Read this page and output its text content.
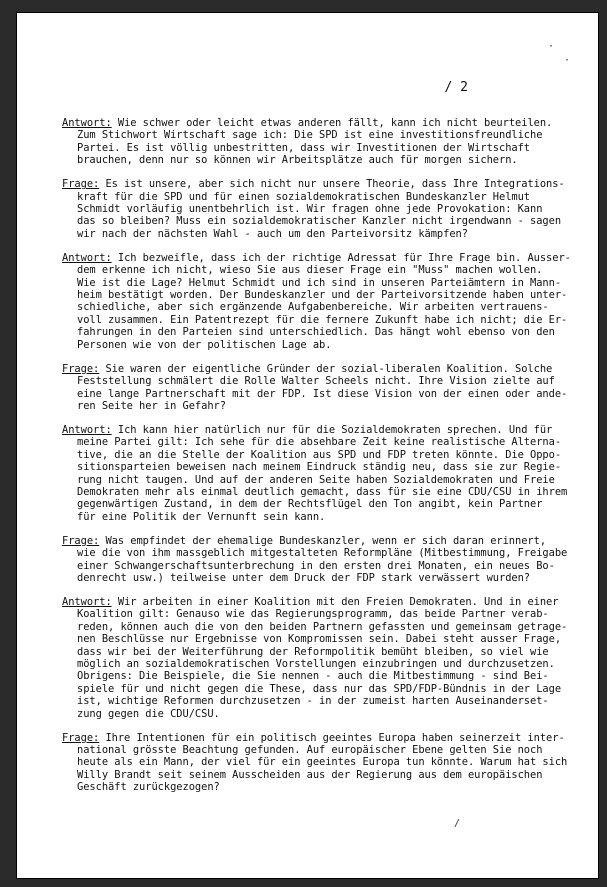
·
·
/
/ 2
Antwort: Wie schwer oder leicht etwas anderen fällt, kann ich nicht beurteilen.
Zum Stichwort Wirtschaft sage ich: Die SPD ist eine investitionsfreundliche
Partei. Es ist völlig unbestritten, dass wir Investitionen der Wirtschaft
brauchen, denn nur so können wir Arbeitsplätze auch für morgen sichern.
Frage: Es ist unsere, aber sich nicht nur unsere Theorie, dass Ihre Integrations-
kraft für die SPD und für einen sozialdemokratischen Bundeskanzler Helmut
Schmidt vorläufig unentbehrlich ist. Wir fragen ohne jede Provokation: Kann
das so bleiben? Muss ein sozialdemokratischer Kanzler nicht irgendwann - sagen
wir nach der nächsten Wahl - auch um den Parteivorsitz kämpfen?
Antwort: Ich bezweifle, dass ich der richtige Adressat für Ihre Frage bin. Ausser-
dem erkenne ich nicht, wieso Sie aus dieser Frage ein "Muss" machen wollen.
Wie ist die Lage? Helmut Schmidt und ich sind in unseren Parteiämtern in Mann-
heim bestätigt worden. Der Bundeskanzler und der Parteivorsitzende haben unter-
schiedliche, aber sich ergänzende Aufgabenbereiche. Wir arbeiten vertrauens-
voll zusammen. Ein Patentrezept für die fernere Zukunft habe ich nicht; die Er-
fahrungen in den Parteien sind unterschiedlich. Das hängt wohl ebenso von den
Personen wie von der politischen Lage ab.
Frage: Sie waren der eigentliche Gründer der sozial-liberalen Koalition. Solche
Feststellung schmälert die Rolle Walter Scheels nicht. Ihre Vision zielte auf
eine lange Partnerschaft mit der FDP. Ist diese Vision von der einen oder ande-
ren Seite her in Gefahr?
Antwort: Ich kann hier natürlich nur für die Sozialdemokraten sprechen. Und für
meine Partei gilt: Ich sehe für die absehbare Zeit keine realistische Alterna-
tive, die an die Stelle der Koalition aus SPD und FDP treten könnte. Die Oppo-
sitionsparteien beweisen nach meinem Eindruck ständig neu, dass sie zur Regie-
rung nicht taugen. Und auf der anderen Seite haben Sozialdemokraten und Freie
Demokraten mehr als einmal deutlich gemacht, dass für sie eine CDU/CSU in ihrem
gegenwärtigen Zustand, in dem der Rechtsflügel den Ton angibt, kein Partner
für eine Politik der Vernunft sein kann.
Frage: Was empfindet der ehemalige Bundeskanzler, wenn er sich daran erinnert,
wie die von ihm massgeblich mitgestalteten Reformpläne (Mitbestimmung, Freigabe
einer Schwangerschaftsunterbrechung in den ersten drei Monaten, ein neues Bo-
denrecht usw.) teilweise unter dem Druck der FDP stark verwässert wurden?
Antwort: Wir arbeiten in einer Koalition mit den Freien Demokraten. Und in einer
Koalition gilt: Genauso wie das Regierungsprogramm, das beide Partner verab-
reden, können auch die von den beiden Partnern gefassten und gemeinsam getrage-
nen Beschlüsse nur Ergebnisse von Kompromissen sein. Dabei steht ausser Frage,
dass wir bei der Weiterführung der Reformpolitik bemüht bleiben, so viel wie
möglich an sozialdemokratischen Vorstellungen einzubringen und durchzusetzen.
Obrigens: Die Beispiele, die Sie nennen - auch die Mitbestimmung - sind Bei-
spiele für und nicht gegen die These, dass nur das SPD/FDP-Bündnis in der Lage
ist, wichtige Reformen durchzusetzen - in der zumeist harten Auseinanderset-
zung gegen die CDU/CSU.
Frage: Ihre Intentionen für ein politisch geeintes Europa haben seinerzeit inter-
national grösste Beachtung gefunden. Auf europäischer Ebene gelten Sie noch
heute als ein Mann, der viel für ein geeintes Europa tun könnte. Warum hat sich
Willy Brandt seit seinem Ausscheiden aus der Regierung aus dem europäischen
Geschäft zurückgezogen?
